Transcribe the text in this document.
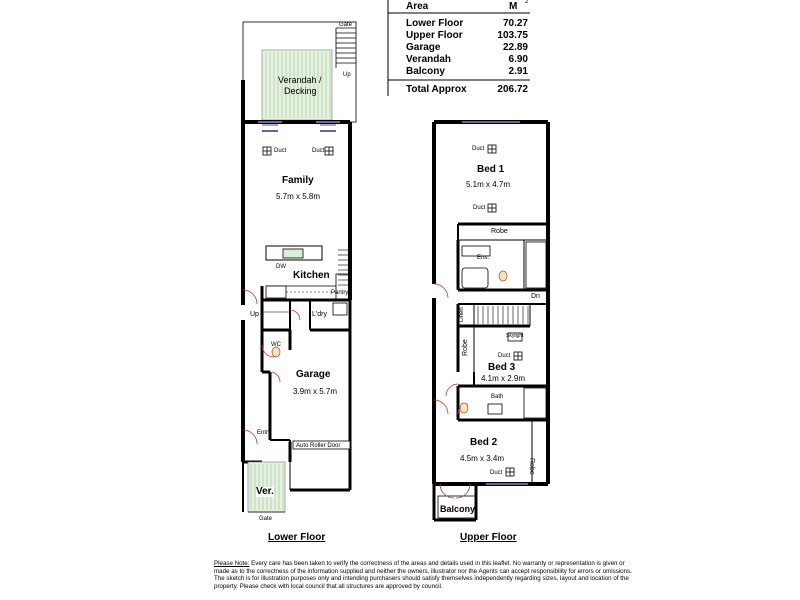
Area	M 2
Lower Floor	70.27
Upper Floor	103.75
Garage	22.89
Verandah	6.90
Balcony	2.91
Total Approx	206.72
Gate
Verandah /
Decking
Up
Duct	Duct
Family
5.7m x 5.8m
DW
Kitchen
Pantry
Up	L'dry
WC
Garage
3.9m x 5.7m
Entry
Auto Roller Door
Ver.
Gate
Lower Floor
Duct
Bed 1
5.1m x 4.7m
Duct
Robe
Ens.
Dn
Linen
Robe
Skylight
Duct
Bed 3
4.1m x 2.9m
Bath
Bed 2
4.5m x 3.4m	Robe
Duct
Balcony
Upper Floor
Please Note: Every care has been taken to verify the correctness of the areas and details used in this leaflet. No warranty or representation is given or made as to the correctness of the information supplied and neither the owners, illustrator nor the Agents can accept responsibility for errors or omissions. The sketch is for illustration purposes only and intending purchasers should satisfy themselves independently regarding sizes, layout and location of the property. Please check with local council that all structures are approved by council.
